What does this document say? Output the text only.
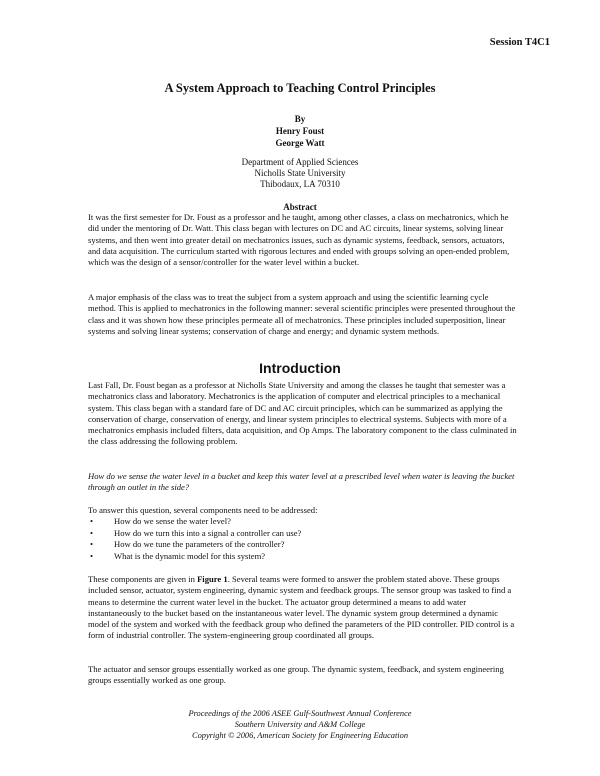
Session T4C1
A System Approach to Teaching Control Principles
By
Henry Foust
George Watt
Department of Applied Sciences
Nicholls State University
Thibodaux, LA 70310
Abstract

It was the first semester for Dr. Foust as a professor and he taught, among other classes, a class on mechatronics, which he did under the mentoring of Dr. Watt. This class began with lectures on DC and AC circuits, linear systems, solving linear systems, and then went into greater detail on mechatronics issues, such as dynamic systems, feedback, sensors, actuators, and data acquisition. The curriculum started with rigorous lectures and ended with groups solving an open-ended problem, which was the design of a sensor/controller for the water level within a bucket.

A major emphasis of the class was to treat the subject from a system approach and using the scientific learning cycle method. This is applied to mechatronics in the following manner: several scientific principles were presented throughout the class and it was shown how these principles permeate all of mechatronics. These principles included superposition, linear systems and solving linear systems; conservation of charge and energy; and dynamic system methods.

Introduction

Last Fall, Dr. Foust began as a professor at Nicholls State University and among the classes he taught that semester was a mechatronics class and laboratory. Mechatronics is the application of computer and electrical principles to a mechanical system. This class began with a standard fare of DC and AC circuit principles, which can be summarized as applying the conservation of charge, conservation of energy, and linear system principles to electrical systems. Subjects with more of a mechatronics emphasis included filters, data acquisition, and Op Amps. The laboratory component to the class culminated in the class addressing the following problem.

How do we sense the water level in a bucket and keep this water level at a prescribed level when water is leaving the bucket through an outlet in the side?

To answer this question, several components need to be addressed:

• How do we sense the water level?
• How do we turn this into a signal a controller can use?
• How do we tune the parameters of the controller?
• What is the dynamic model for this system?

These components are given in Figure 1. Several teams were formed to answer the problem stated above. These groups included sensor, actuator, system engineering, dynamic system and feedback groups. The sensor group was tasked to find a means to determine the current water level in the bucket. The actuator group determined a means to add water instantaneously to the bucket based on the instantaneous water level. The dynamic system group determined a dynamic model of the system and worked with the feedback group who defined the parameters of the PID controller. PID control is a form of industrial controller. The system-engineering group coordinated all groups.

The actuator and sensor groups essentially worked as one group. The dynamic system, feedback, and system engineering groups essentially worked as one group.

Proceedings of the 2006 ASEE Gulf-Southwest Annual Conference
Southern University and A&M College
Copyright © 2006, American Society for Engineering Education
